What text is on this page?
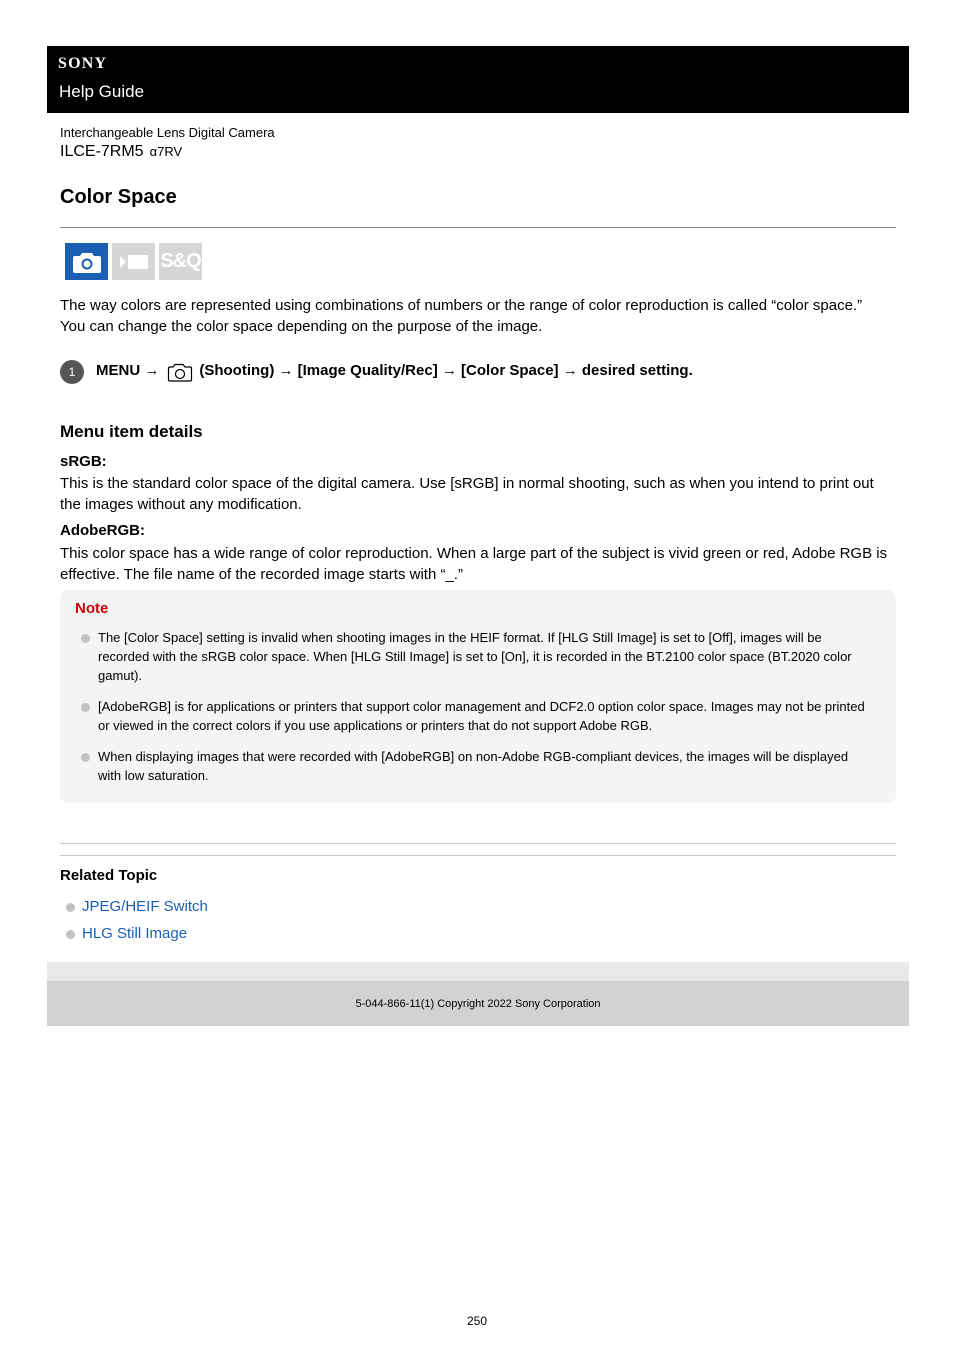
SONY
Help Guide
Interchangeable Lens Digital Camera
ILCE-7RM5 α7RV
Color Space
S&Q

The way colors are represented using combinations of numbers or the range of color reproduction is called “color space.” You can change the color space depending on the purpose of the image.

1	MENU →	(Shooting) → [Image Quality/Rec] → [Color Space] → desired setting.
Menu item details
sRGB:

This is the standard color space of the digital camera. Use [sRGB] in normal shooting, such as when you intend to print out the images without any modification.

AdobeRGB:

This color space has a wide range of color reproduction. When a large part of the subject is vivid green or red, Adobe RGB is effective. The file name of the recorded image starts with “_.”

Note
The [Color Space] setting is invalid when shooting images in the HEIF format. If [HLG Still Image] is set to [Off], images will be recorded with the sRGB color space. When [HLG Still Image] is set to [On], it is recorded in the BT.2100 color space (BT.2020 color gamut).
[AdobeRGB] is for applications or printers that support color management and DCF2.0 option color space. Images may not be printed or viewed in the correct colors if you use applications or printers that do not support Adobe RGB.
When displaying images that were recorded with [AdobeRGB] on non-Adobe RGB-compliant devices, the images will be displayed with low saturation.
Related Topic
JPEG/HEIF Switch
HLG Still Image
5-044-866-11(1) Copyright 2022 Sony Corporation
250
